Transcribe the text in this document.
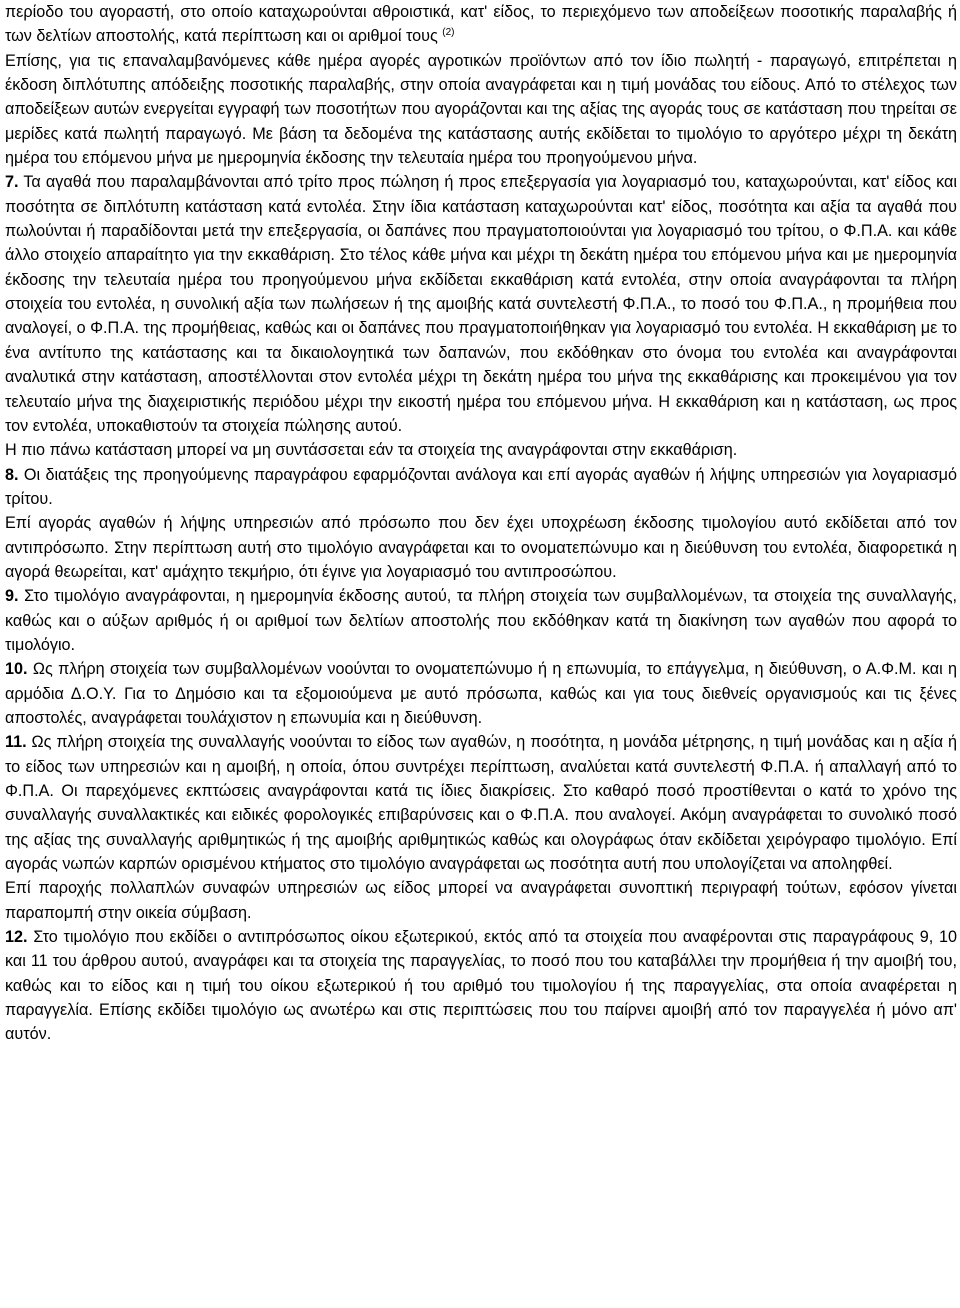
περίοδο του αγοραστή, στο οποίο καταχωρούνται αθροιστικά, κατ' είδος, το περιεχόμενο των αποδείξεων ποσοτικής παραλαβής ή των δελτίων αποστολής, κατά περίπτωση και οι αριθμοί τους $^{(2)}$

Επίσης, για τις επαναλαμβανόμενες κάθε ημέρα αγορές αγροτικών προϊόντων από τον ίδιο πωλητή - παραγωγό, επιτρέπεται η έκδοση διπλότυπης απόδειξης ποσοτικής παραλαβής, στην οποία αναγράφεται και η τιμή μονάδας του είδους. Από το στέλεχος των αποδείξεων αυτών ενεργείται εγγραφή των ποσοτήτων που αγοράζονται και της αξίας της αγοράς τους σε κατάσταση που τηρείται σε μερίδες κατά πωλητή παραγωγό. Με βάση τα δεδομένα της κατάστασης αυτής εκδίδεται το τιμολόγιο το αργότερο μέχρι τη δεκάτη ημέρα του επόμενου μήνα με ημερομηνία έκδοσης την τελευταία ημέρα του προηγούμενου μήνα.

7. Τα αγαθά που παραλαμβάνονται από τρίτο προς πώληση ή προς επεξεργασία για λογαριασμό του, καταχωρούνται, κατ' είδος και ποσότητα σε διπλότυπη κατάσταση κατά εντολέα. Στην ίδια κατάσταση καταχωρούνται κατ' είδος, ποσότητα και αξία τα αγαθά που πωλούνται ή παραδίδονται μετά την επεξεργασία, οι δαπάνες που πραγματοποιούνται για λογαριασμό του τρίτου, ο Φ.Π.Α. και κάθε άλλο στοιχείο απαραίτητο για την εκκαθάριση. Στο τέλος κάθε μήνα και μέχρι τη δεκάτη ημέρα του επόμενου μήνα και με ημερομηνία έκδοσης την τελευταία ημέρα του προηγούμενου μήνα εκδίδεται εκκαθάριση κατά εντολέα, στην οποία αναγράφονται τα πλήρη στοιχεία του εντολέα, η συνολική αξία των πωλήσεων ή της αμοιβής κατά συντελεστή Φ.Π.Α., το ποσό του Φ.Π.Α., η προμήθεια που αναλογεί, ο Φ.Π.Α. της προμήθειας, καθώς και οι δαπάνες που πραγματοποιήθηκαν για λογαριασμό του εντολέα. Η εκκαθάριση με το ένα αντίτυπο της κατάστασης και τα δικαιολογητικά των δαπανών, που εκδόθηκαν στο όνομα του εντολέα και αναγράφονται αναλυτικά στην κατάσταση, αποστέλλονται στον εντολέα μέχρι τη δεκάτη ημέρα του μήνα της εκκαθάρισης και προκειμένου για τον τελευταίο μήνα της διαχειριστικής περιόδου μέχρι την εικοστή ημέρα του επόμενου μήνα. Η εκκαθάριση και η κατάσταση, ως προς τον εντολέα, υποκαθιστούν τα στοιχεία πώλησης αυτού.

Η πιο πάνω κατάσταση μπορεί να μη συντάσσεται εάν τα στοιχεία της αναγράφονται στην εκκαθάριση.

8. Οι διατάξεις της προηγούμενης παραγράφου εφαρμόζονται ανάλογα και επί αγοράς αγαθών ή λήψης υπηρεσιών για λογαριασμό τρίτου.

Επί αγοράς αγαθών ή λήψης υπηρεσιών από πρόσωπο που δεν έχει υποχρέωση έκδοσης τιμολογίου αυτό εκδίδεται από τον αντιπρόσωπο. Στην περίπτωση αυτή στο τιμολόγιο αναγράφεται και το ονοματεπώνυμο και η διεύθυνση του εντολέα, διαφορετικά η αγορά θεωρείται, κατ' αμάχητο τεκμήριο, ότι έγινε για λογαριασμό του αντιπροσώπου.

9. Στο τιμολόγιο αναγράφονται, η ημερομηνία έκδοσης αυτού, τα πλήρη στοιχεία των συμβαλλομένων, τα στοιχεία της συναλλαγής, καθώς και ο αύξων αριθμός ή οι αριθμοί των δελτίων αποστολής που εκδόθηκαν κατά τη διακίνηση των αγαθών που αφορά το τιμολόγιο.

10. Ως πλήρη στοιχεία των συμβαλλομένων νοούνται το ονοματεπώνυμο ή η επωνυμία, το επάγγελμα, η διεύθυνση, ο Α.Φ.Μ. και η αρμόδια Δ.Ο.Υ. Για το Δημόσιο και τα εξομοιούμενα με αυτό πρόσωπα, καθώς και για τους διεθνείς οργανισμούς και τις ξένες αποστολές, αναγράφεται τουλάχιστον η επωνυμία και η διεύθυνση.

11. Ως πλήρη στοιχεία της συναλλαγής νοούνται το είδος των αγαθών, η ποσότητα, η μονάδα μέτρησης, η τιμή μονάδας και η αξία ή το είδος των υπηρεσιών και η αμοιβή, η οποία, όπου συντρέχει περίπτωση, αναλύεται κατά συντελεστή Φ.Π.Α. ή απαλλαγή από το Φ.Π.Α. Οι παρεχόμενες εκπτώσεις αναγράφονται κατά τις ίδιες διακρίσεις. Στο καθαρό ποσό προστίθενται ο κατά το χρόνο της συναλλαγής συναλλακτικές και ειδικές φορολογικές επιβαρύνσεις και ο Φ.Π.Α. που αναλογεί. Ακόμη αναγράφεται το συνολικό ποσό της αξίας της συναλλαγής αριθμητικώς ή της αμοιβής αριθμητικώς καθώς και ολογράφως όταν εκδίδεται χειρόγραφο τιμολόγιο. Επί αγοράς νωπών καρπών ορισμένου κτήματος στο τιμολόγιο αναγράφεται ως ποσότητα αυτή που υπολογίζεται να αποληφθεί.

Επί παροχής πολλαπλών συναφών υπηρεσιών ως είδος μπορεί να αναγράφεται συνοπτική περιγραφή τούτων, εφόσον γίνεται παραπομπή στην οικεία σύμβαση.

12. Στο τιμολόγιο που εκδίδει ο αντιπρόσωπος οίκου εξωτερικού, εκτός από τα στοιχεία που αναφέρονται στις παραγράφους 9, 10 και 11 του άρθρου αυτού, αναγράφει και τα στοιχεία της παραγγελίας, το ποσό που του καταβάλλει την προμήθεια ή την αμοιβή του, καθώς και το είδος και η τιμή του οίκου εξωτερικού ή του αριθμό του τιμολογίου ή της παραγγελίας, στα οποία αναφέρεται η παραγγελία. Επίσης εκδίδει τιμολόγιο ως ανωτέρω και στις περιπτώσεις που του παίρνει αμοιβή από τον παραγγελέα ή μόνο απ' αυτόν.
